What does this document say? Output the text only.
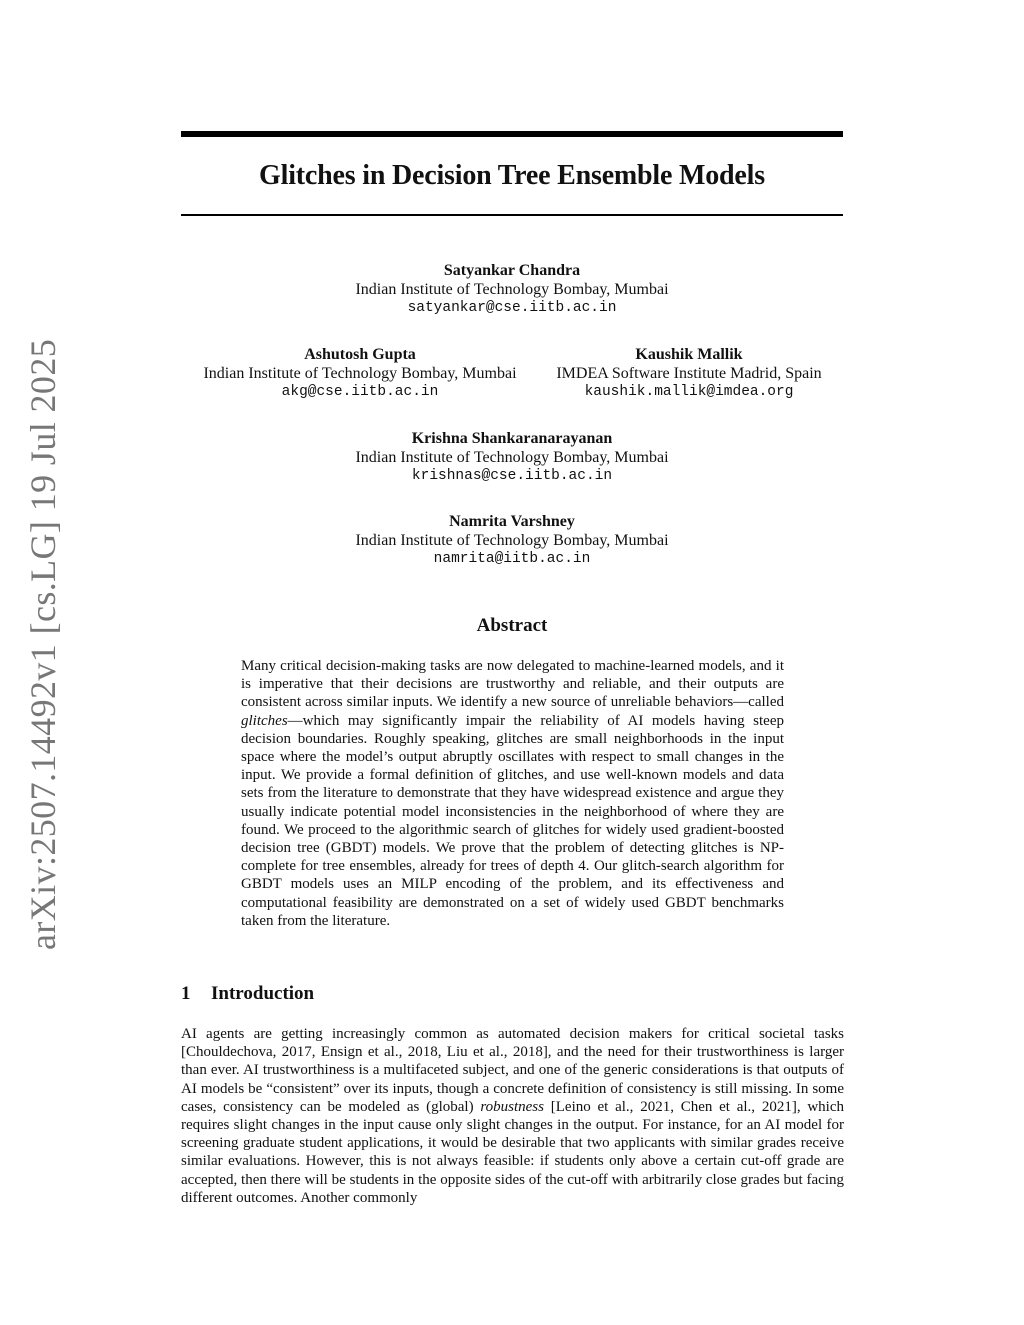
arXiv:2507.14492v1 [cs.LG] 19 Jul 2025
Glitches in Decision Tree Ensemble Models
Satyankar Chandra
Indian Institute of Technology Bombay, Mumbai
satyankar@cse.iitb.ac.in
Ashutosh Gupta
Indian Institute of Technology Bombay, Mumbai
akg@cse.iitb.ac.in
Kaushik Mallik
IMDEA Software Institute Madrid, Spain
kaushik.mallik@imdea.org
Krishna Shankaranarayanan
Indian Institute of Technology Bombay, Mumbai
krishnas@cse.iitb.ac.in
Namrita Varshney
Indian Institute of Technology Bombay, Mumbai
namrita@iitb.ac.in
Abstract
Many critical decision-making tasks are now delegated to machine-learned models, and it is imperative that their decisions are trustworthy and reliable, and their outputs are consistent across similar inputs. We identify a new source of unreliable behaviors—called glitches—which may significantly impair the reliability of AI models having steep decision boundaries. Roughly speaking, glitches are small neighborhoods in the input space where the model’s output abruptly oscillates with respect to small changes in the input. We provide a formal definition of glitches, and use well-known models and data sets from the literature to demonstrate that they have widespread existence and argue they usually indicate potential model inconsistencies in the neighborhood of where they are found. We proceed to the algorithmic search of glitches for widely used gradient-boosted decision tree (GBDT) models. We prove that the problem of detecting glitches is NP-complete for tree ensembles, already for trees of depth 4. Our glitch-search algorithm for GBDT models uses an MILP encoding of the problem, and its effectiveness and computational feasibility are demonstrated on a set of widely used GBDT benchmarks taken from the literature.
1 Introduction
AI agents are getting increasingly common as automated decision makers for critical societal tasks [Chouldechova, 2017, Ensign et al., 2018, Liu et al., 2018], and the need for their trustworthiness is larger than ever. AI trustworthiness is a multifaceted subject, and one of the generic considerations is that outputs of AI models be “consistent” over its inputs, though a concrete definition of consistency is still missing. In some cases, consistency can be modeled as (global) robustness [Leino et al., 2021, Chen et al., 2021], which requires slight changes in the input cause only slight changes in the output. For instance, for an AI model for screening graduate student applications, it would be desirable that two applicants with similar grades receive similar evaluations. However, this is not always feasible: if students only above a certain cut-off grade are accepted, then there will be students in the opposite sides of the cut-off with arbitrarily close grades but facing different outcomes. Another commonly
